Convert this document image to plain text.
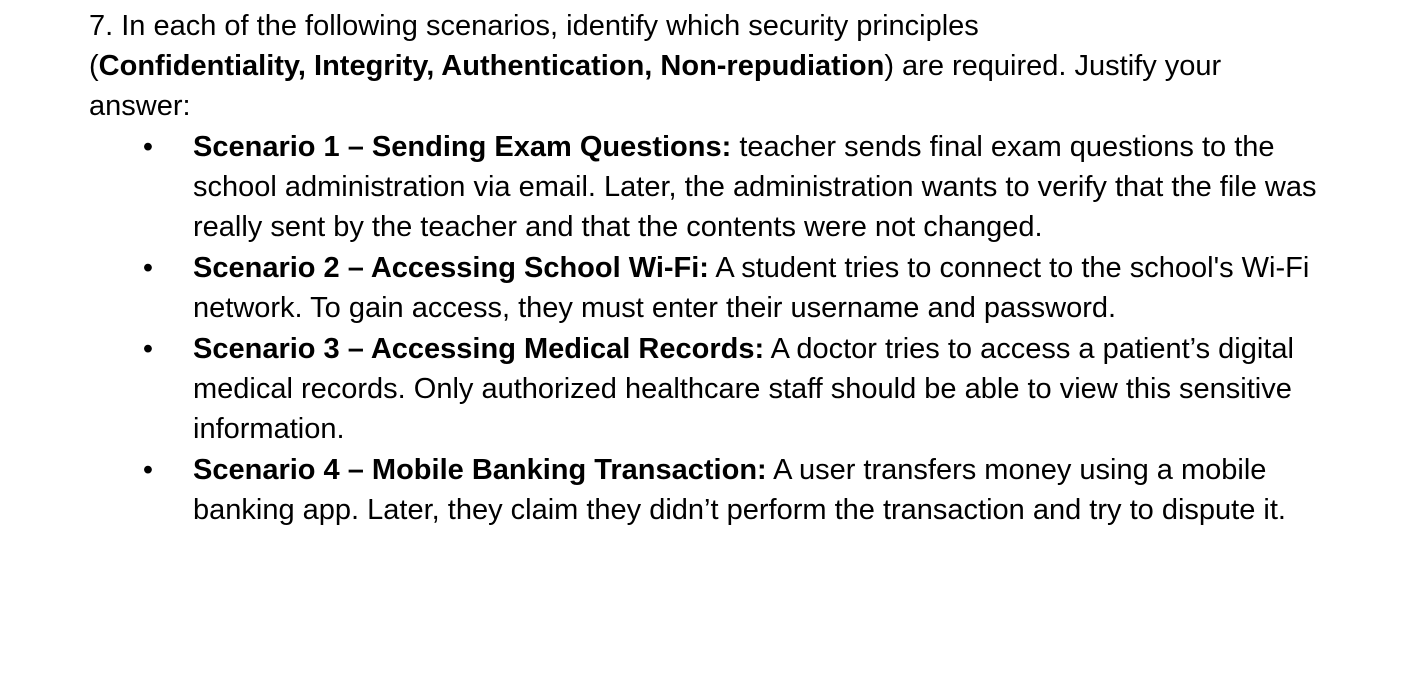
7. In each of the following scenarios, identify which security principles
(Confidentiality, Integrity, Authentication, Non-repudiation) are required. Justify your answer:

• Scenario 1 – Sending Exam Questions: teacher sends final exam questions to the school administration via email. Later, the administration wants to verify that the file was really sent by the teacher and that the contents were not changed.
• Scenario 2 – Accessing School Wi-Fi: A student tries to connect to the school's Wi-Fi network. To gain access, they must enter their username and password.
• Scenario 3 – Accessing Medical Records: A doctor tries to access a patient’s digital medical records. Only authorized healthcare staff should be able to view this sensitive information.
• Scenario 4 – Mobile Banking Transaction: A user transfers money using a mobile banking app. Later, they claim they didn’t perform the transaction and try to dispute it.
